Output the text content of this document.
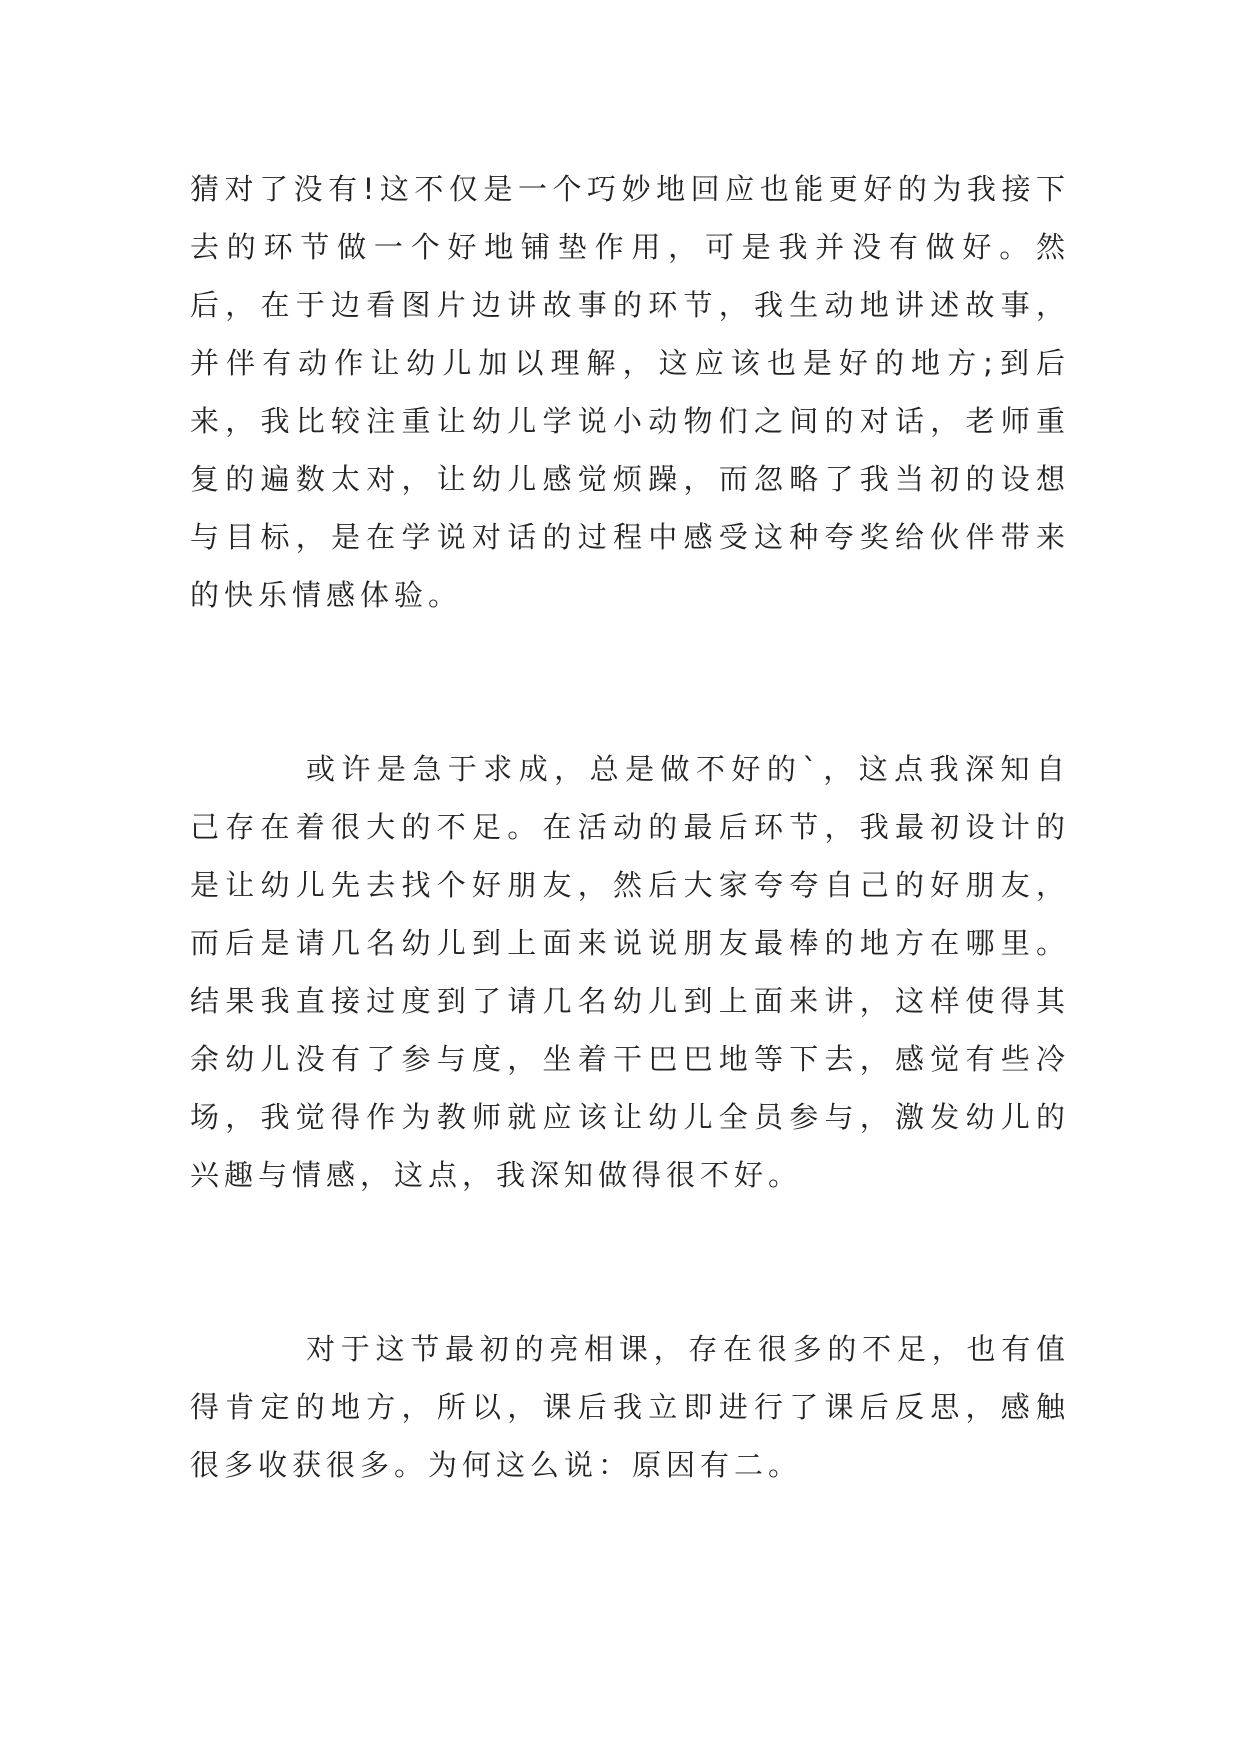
猜对了没有!这不仅是一个巧妙地回应也能更好的为我接下去的环节做一个好地铺垫作用，可是我并没有做好。然后，在于边看图片边讲故事的环节，我生动地讲述故事，并伴有动作让幼儿加以理解，这应该也是好的地方;到后来，我比较注重让幼儿学说小动物们之间的对话，老师重复的遍数太对，让幼儿感觉烦躁，而忽略了我当初的设想与目标，是在学说对话的过程中感受这种夸奖给伙伴带来的快乐情感体验。

或许是急于求成，总是做不好的`，这点我深知自己存在着很大的不足。在活动的最后环节，我最初设计的是让幼儿先去找个好朋友，然后大家夸夸自己的好朋友，而后是请几名幼儿到上面来说说朋友最棒的地方在哪里。结果我直接过度到了请几名幼儿到上面来讲，这样使得其余幼儿没有了参与度，坐着干巴巴地等下去，感觉有些冷场，我觉得作为教师就应该让幼儿全员参与，激发幼儿的兴趣与情感，这点，我深知做得很不好。

对于这节最初的亮相课，存在很多的不足，也有值得肯定的地方，所以，课后我立即进行了课后反思，感触很多收获很多。为何这么说：原因有二。
